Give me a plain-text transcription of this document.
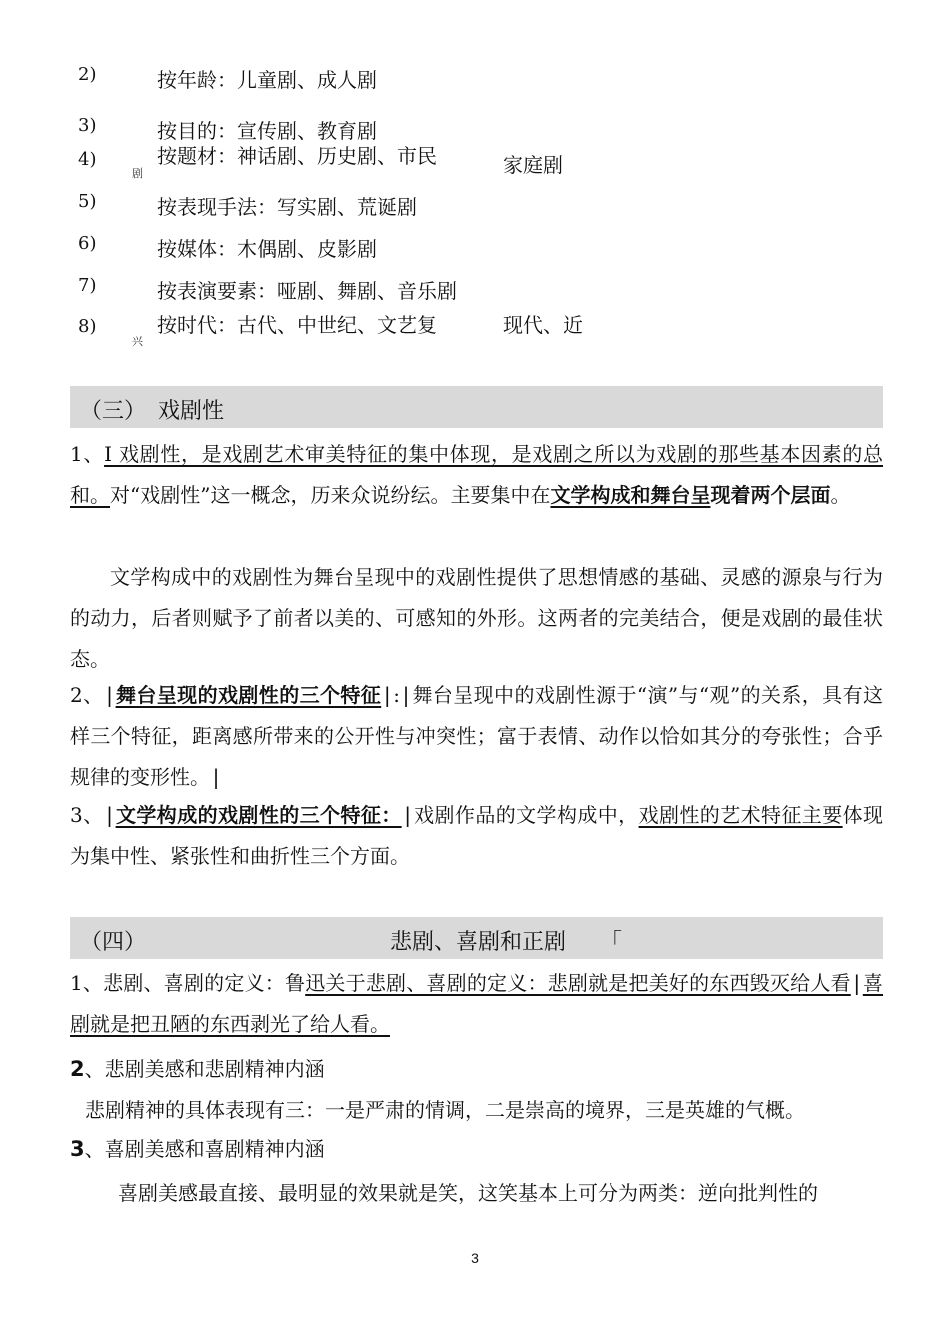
2)	按年龄：儿童剧、成人剧
3)	按目的：宣传剧、教育剧
4)	按题材：神话剧、历史剧、市民	家庭剧
剧
5)	按表现手法：写实剧、荒诞剧
6)	按媒体：木偶剧、皮影剧
7)	按表演要素：哑剧、舞剧、音乐剧
8)	按时代：古代、中世纪、文艺复	现代、近
兴
（三） 戏剧性
1、I 戏剧性，是戏剧艺术审美特征的集中体现，是戏剧之所以为戏剧的那些基本因素的总和。对“戏剧性”这一概念，历来众说纷纭。主要集中在文学构成和舞台呈现着两个层面。
文学构成中的戏剧性为舞台呈现中的戏剧性提供了思想情感的基础、灵感的源泉与行为的动力，后者则赋予了前者以美的、可感知的外形。这两者的完美结合，便是戏剧的最佳状态。
2、|舞台呈现的戏剧性的三个特征|:|舞台呈现中的戏剧性源于“演”与“观”的关系，具有这样三个特征，距离感所带来的公开性与冲突性；富于表情、动作以恰如其分的夸张性；合乎规律的变形性。|
3、|文学构成的戏剧性的三个特征：|戏剧作品的文学构成中，戏剧性的艺术特征主要体现为集中性、紧张性和曲折性三个方面。
（四）	悲剧、喜剧和正剧 「
1、悲剧、喜剧的定义：鲁迅关于悲剧、喜剧的定义：悲剧就是把美好的东西毁灭给人看|喜剧就是把丑陋的东西剥光了给人看。
2、悲剧美感和悲剧精神内涵
悲剧精神的具体表现有三：一是严肃的情调，二是崇高的境界，三是英雄的气概。
3、喜剧美感和喜剧精神内涵
喜剧美感最直接、最明显的效果就是笑，这笑基本上可分为两类：逆向批判性的
3
